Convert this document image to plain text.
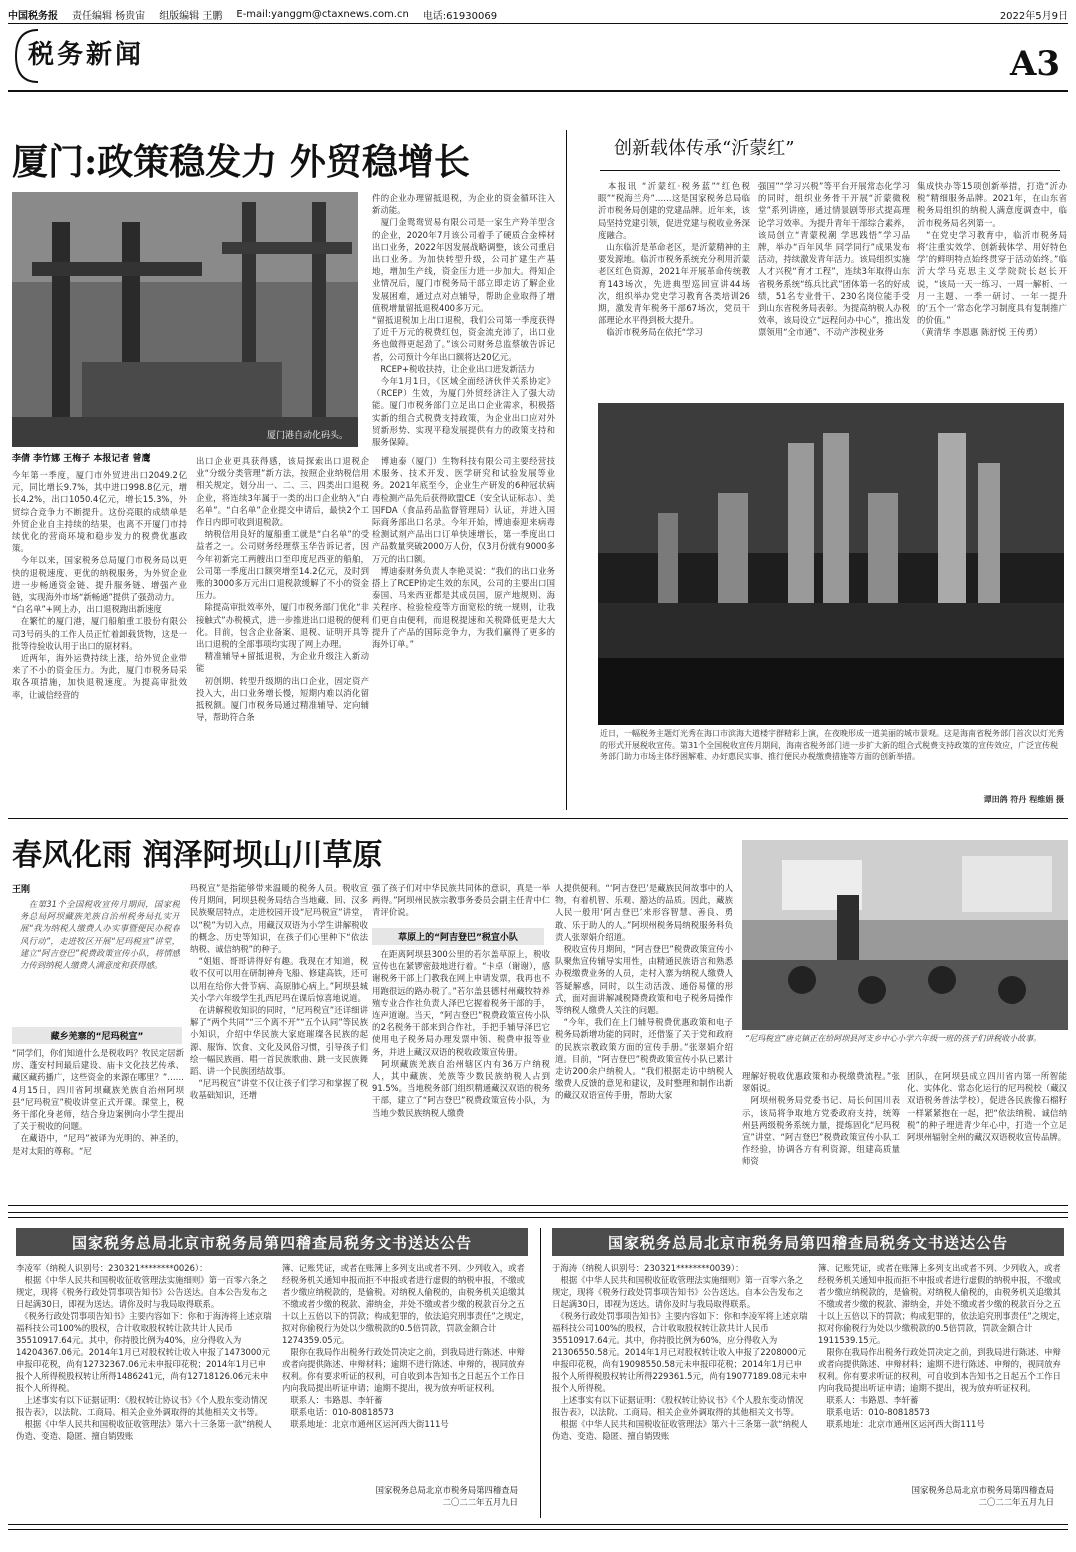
中国税务报 责任编辑 杨贵宙 组版编辑 王鹏 E-mail:yanggm@ctaxnews.com.cn 电话:61930069	2022年5月9日
税务新闻	A3
厦门:政策稳发力 外贸稳增长
厦门港自动化码头。
李倩 李竹娜 王梅子 本报记者 曾鹰
今年第一季度，厦门市外贸进出口2049.2亿元，同比增长9.7%，其中进口998.8亿元，增长4.2%，出口1050.4亿元，增长15.3%，外贸综合竞争力不断提升。这份亮眼的成绩单是外贸企业自主持续的结果，也离不开厦门市持续优化的营商环境和稳步发力的税费优惠政策。
　今年以来，国家税务总局厦门市税务局以更快的退税速度、更优的纳税服务，为外贸企业进一步畅通资金链、提升服务链、增强产业链，实现海外市场“新畅通”提供了强劲动力。
“白名单”+网上办，出口退税跑出新速度
　在繁忙的厦门港，厦门船舶重工股份有限公司3号码头的工作人员正忙着卸载货物，这是一批等待验收认用于出口的原材料。
　近两年，海外运费持续上涨，给外贸企业带来了不小的资金压力。为此，厦门市税务局采取各项措施，加快退税速度。为提高审批效率，让诚信经营的
出口企业更具获得感，该局探索出口退税企业“分级分类管理”新方法，按照企业纳税信用相关规定，划分出一、二、三、四类出口退税企业，将连续3年属于一类的出口企业纳入“白名单”。“白名单”企业提交申请后，最快2个工作日内即可收到退税款。
　纳税信用良好的厦船重工就是“白名单”的受益者之一。公司财务经理蔡玉华告诉记者，因今年初新完工两艘出口至印度尼西亚的船舶，公司第一季度出口额突增至14.2亿元，及时到账的3000多万元出口退税款缓解了不小的资金压力。
　除提高审批效率外，厦门市税务部门优化“非接触式”办税模式，进一步推进出口退税的便利化。目前，包含企业备案、退税、证明开具等出口退税的全部事项均实现了网上办理。
　精准辅导+留抵退税，为企业升级注入新动能
　初创期、转型升级期的出口企业，固定资产投入大，出口业务增长慢，短期内难以消化留抵税额。厦门市税务局通过精准辅导、定向辅导，帮助符合条
件的企业办理留抵退税，为企业的资金循环注入新动能。
　厦门金鸳鸯贸易有限公司是一家生产羚羊型含的企业，2020年7月该公司着手了硬质合金棒材出口业务，2022年因发展战略调整，该公司重启出口业务。为加快转型升级，公司扩建生产基地，增加生产线，资金压力进一步加大。得知企业情况后，厦门市税务局干部立即走访了解企业发展困难，通过点对点辅导，帮助企业取得了增值税增量留抵退税400多万元。
“留抵退税加上出口退税，我们公司第一季度获得了近千万元的税费红包，资金流充沛了，出口业务也做得更起劲了。”该公司财务总监蔡敏告诉记者，公司预计今年出口额将达20亿元。
　RCEP+税收扶持，让企业出口进发新活力
　今年1月1日，《区域全面经济伙伴关系协定》（RCEP）生效，为厦门外贸经济注入了强大动能。厦门市税务部门立足出口企业需求，积极搭实新的组合式税费支持政策，为企业出口应对外贸新形势、实现平稳发展提供有力的政策支持和服务保障。
　博迪泰（厦门）生物科技有限公司主要经营技术服务、技术开发、医学研究和试验发展等业务。2021年底至今，企业生产研发的6种冠状病毒检测产品先后获得欧盟CE（安全认证标志）、美国FDA（食品药品监督管理局）认证，并进入国际商务部出口名录。今年开始，博迪泰迎来病毒检测试剂产品出口订单快速增长，第一季度出口产品数量突破2000万人份，仅3月份就有9000多万元的出口额。
　博迪泰财务负责人李艳灵说：“我们的出口业务搭上了RCEP协定生效的东风，公司的主要出口国泰国、马来西亚都是其成员国，原产地规则、海关程序、检验检疫等方面宽松的统一规则，让我们更自由便利，而退税提速和关税降低更是大大提升了产品的国际竞争力，为我们赢得了更多的海外订单。”
创新载体传承“沂蒙红”
　本报讯 “沂蒙红·税务蓝”“红色税眼”“税海兰舟”……这是国家税务总局临沂市税务局创建的党建品牌。近年来，该局坚持党建引领，促进党建与税收业务深度融合。
　山东临沂是革命老区，是沂蒙精神的主要发源地。临沂市税务系统充分利用沂蒙老区红色资源，2021年开展革命传统教育143场次，先进典型巡回宣讲44场次，组织举办党史学习教育各类培训26期，激发青年税务干部67场次，党员干部理论水平得到极大提升。
　临沂市税务局在依托“学习
强国”“学习兴税”等平台开展常态化学习的同时，组织业务骨干开展“沂蒙微税堂”系列讲座，通过情景剧等形式提高理论学习效率。为提升青年干部综合素养，该局创立“青蒙税潮 学思践悟”学习品牌，举办“百年风华 同学同行”成果发布活动，持续激发青年活力。该局组织实施人才兴税“育才工程”，连续3年取得山东省税务系统“练兵比武”团体第一名的好成绩，51名专业骨干、230名岗位能手受到山东省税务局表彰。为提高纳税人办税效率，该局设立“远程问办中心”，推出发票领用“全市通”、不动产涉税业务
集成快办等15项创新举措，打造“沂办税”精细服务品牌。2021年，在山东省税务局组织的纳税人满意度调查中，临沂市税务局名列第一。
　“在党史学习教育中，临沂市税务局将‘注重实效学、创新载体学、用好特色学’的鲜明特点始终贯穿于活动始终。”临沂大学马克思主义学院院长赵长开说，“该局一天一练习、一周一解析、一月一主题、一季一研讨、一年一提升的‘五个一’常态化学习制度具有复制推广的价值。”
（黄清华 李恩惠 陈舒悦 王传勇）
近日，一幅税务主题灯光秀在海口市滨海大道楼宇群精彩上演，在夜晚形成一道美丽的城市景观。这是海南省税务部门首次以灯光秀的形式开展税收宣传。第31个全国税收宣传月期间，海南省税务部门进一步扩大新的组合式税费支持政策的宣传效应，广泛宣传税务部门助力市场主体纾困解难、办好惠民实事、推行便民办税缴费措施等方面的创新举措。
谭田鸽 符丹 程维娟 摄
春风化雨 润泽阿坝山川草原
王刚
　在第31个全国税收宣传月期间，国家税务总局阿坝藏族羌族自治州税务局扎实开展“我为纳税人缴费人办实事暨便民办税春风行动”，走进牧区开展“尼玛税宣”讲堂，建立“阿吉登巴”税费政策宣传小队，将情感力传到纳税人缴费人满意度和获得感。
藏乡羌寨的“尼玛税宣”
“同学们，你们知道什么是税收吗？牧民定居新房、蓬安村间最后建设、庙卡文化技艺传承、藏区藏药播广，这些资金的来源在哪里？”……4月15日，四川省阿坝藏族羌族自治州阿坝县“尼玛税宣”税收讲堂正式开课。课堂上，税务干部化身老师，结合身边案例向小学生提出了关于税收的问题。
　在藏语中，“尼玛”被译为光明的、神圣的，是对太阳的尊称。“尼
玛税宣”是指能够带来温暖的税务人员。税收宣传月期间，阿坝县税务局结合当地藏、回、汉多民族聚居特点，走进校园开设“尼玛税宣”讲堂，以“税”为切入点，用藏汉双语为小学生讲解税收的概念、历史等知识，在孩子们心里种下“依法纳税、诚信纳税”的种子。
　“姐姐、哥哥讲得好有趣。我现在才知道，税收不仅可以用在研制神舟飞船、修建高铁，还可以用在给你大骨节病、高原肺心病上。”阿坝县城关小学六年级学生扎西尼玛在课后惊喜地说道。
　在讲解税收知识的同时，“尼玛税宣”还详细讲解了“两个共同”“三个离不开”“五个认同”等民族小知识，介绍中华民族大家庭璀璨各民族的起源、服饰、饮食、文化及风俗习惯，引导孩子们绘一幅民族画、唱一首民族歌曲、跳一支民族舞蹈、讲一个民族团结故事。
　“尼玛税宣”讲堂不仅让孩子们学习和掌握了税收基础知识，还增
强了孩子们对中华民族共同体的意识，真是一举两得。”阿坝州民族宗教事务委员会副主任青中仁青评价说。
草原上的“阿吉登巴”税宣小队
　在距离阿坝县300公里的若尔盖草原上，税收宣传也在紧锣密鼓地进行着。“卡卓（谢谢），感谢税务干部上门教我在网上申请发票，我再也不用跑很远的路办税了。”若尔盖县德村州藏牧特养殖专业合作社负责人泽巴它握着税务干部的手，连声道谢。当天，“阿吉登巴”税费政策宣传小队的2名税务干部来到合作社，手把手辅导泽巴它使用电子税务局办理发票申领、税费申报等业务，并进上藏汉双语的税收政策宣传册。
　阿坝藏族羌族自治州辖区内有36万户纳税人，其中藏族、羌族等少数民族纳税人占到91.5%。当地税务部门组织精通藏汉双语的税务干部，建立了“阿吉登巴”税费政策宣传小队，为当地少数民族纳税人缴费
人提供便利。“‘阿吉登巴’是藏族民间故事中的人物，有着机智、乐观、豁达的品质。因此，藏族人民一般用‘阿吉登巴’来形容智慧、善良、勇敢、乐于助人的人。”阿坝州税务局纳税服务科负责人张翠娟介绍道。
　税收宣传月期间，“阿吉登巴”税费政策宣传小队聚焦宣传辅导实用性，由精通民族语言和熟悉办税缴费业务的人员，走村入寨为纳税人缴费人答疑解惑，同时，以生动活泼、通俗易懂的形式，面对面讲解减税降费政策和电子税务局操作等纳税人缴费人关注的问题。
　“今年，我们在上门辅导税费优惠政策和电子税务局新增功能的同时，还借鉴了关于党和政府的民族宗教政策方面的宣传手册。”张翠娟介绍道。目前，“阿吉登巴”税费政策宣传小队已累计走访200余户纳税人。“我们根据走访中纳税人缴费人反馈的意见和建议，及时整理和制作出新的藏汉双语宣传手册，帮助大家
“尼玛税宣”唐克镇正在给阿坝县河支乡中心小学六年级一班的孩子们讲税收小故事。
理解好税收优惠政策和办税缴费流程。”张翠娟说。
　阿坝州税务局党委书记、局长何国川表示，该局将争取地方党委政府支持，统筹州县两级税务系统力量，提炼固化“尼玛税宣”讲堂、“阿吉登巴”税费政策宣传小队工作经验，协调各方有利资源，组建高质量师资
团队，在阿坝县成立四川省内第一所智能化、实体化、常态化运行的尼玛税校（藏汉双语税务普法学校），促进各民族像石榴籽一样紧紧抱在一起，把“依法纳税、诚信纳税”的种子埋进青少年心中，打造一个立足阿坝州辐射全州的藏汉双语税收宣传品牌。
国家税务总局北京市税务局第四稽查局税务文书送达公告
李凌军（纳税人识别号：230321********0026）：
　根据《中华人民共和国税收征收管理法实施细则》第一百零六条之规定，现将《税务行政处罚事项告知书》公告送达。自本公告发布之日起满30日，即视为送达。请你及时与我局取得联系。
　《税务行政处罚事项告知书》主要内容如下：你和于海涛将上述京瑞福科技公司100%的股权，合计收取股权转让款共计人民币35510917.64元。其中，你持股比例为40%，应分得收入为14204367.06元。2014年1月已对股权转让收入申报了1473000元申报印花税，尚有12732367.06元未申报印花税；2014年1月已申报个人所得税股权转让所得1486241元，尚有12718126.06元未申报个人所得税。
　上述事实有以下证据证明：《股权转让协议书》《个人股东变动情况报告表》，以法院、工商局、相关企业外调取得的其他相关文书等。
　根据《中华人民共和国税收征收管理法》第六十三条第一款“纳税人伪造、变造、隐匿、擅自销毁账
簿、记账凭证，或者在账簿上多列支出或者不列、少列收入，或者经税务机关通知申报而拒不申报或者进行虚假的纳税申报，不缴或者少缴应纳税款的，是偷税。对纳税人偷税的，由税务机关追缴其不缴或者少缴的税款、滞纳金，并处不缴或者少缴的税款百分之五十以上五倍以下的罚款；构成犯罪的，依法追究刑事责任”之规定，拟对你偷税行为处以少缴税款的0.5倍罚款，罚款金额合计1274359.05元。
　限你在我局作出税务行政处罚决定之前，到我局进行陈述、申辩或者向提供陈述、申辩材料；逾期不进行陈述、申辩的，视同放弃权利。你有要求听证的权利，可自收到本告知书之日起五个工作日内向我局提出听证申请；逾期不提出，视为放弃听证权利。
　联系人：韦路恩、李轩蓄
　联系电话：010-80818573
　联系地址：北京市通州区运河西大街111号
国家税务总局北京市税务局第四稽查局
二〇二二年五月九日
国家税务总局北京市税务局第四稽查局税务文书送达公告
于海涛（纳税人识别号：230321********0039）：
　根据《中华人民共和国税收征收管理法实施细则》第一百零六条之规定，现将《税务行政处罚事项告知书》公告送达。自本公告发布之日起满30日，即视为送达。请你及时与我局取得联系。
　《税务行政处罚事项告知书》主要内容如下：你和李凌军将上述京瑞福科技公司100%的股权，合计收取股权转让款共计人民币35510917.64元。其中，你持股比例为60%，应分得收入为21306550.58元。2014年1月已对股权转让收入申报了2208000元申报印花税，尚有19098550.58元未申报印花税；2014年1月已申报个人所得税股权转让所得229361.5元，尚有19077189.08元未申报个人所得税。
　上述事实有以下证据证明：《股权转让协议书》《个人股东变动情况报告表》，以法院、工商局、相关企业外调取得的其他相关文书等。
　根据《中华人民共和国税收征收管理法》第六十三条第一款“纳税人伪造、变造、隐匿、擅自销毁账
簿、记账凭证，或者在账簿上多列支出或者不列、少列收入，或者经税务机关通知申报而拒不申报或者进行虚假的纳税申报，不缴或者少缴应纳税款的，是偷税。对纳税人偷税的，由税务机关追缴其不缴或者少缴的税款、滞纳金，并处不缴或者少缴的税款百分之五十以上五倍以下的罚款；构成犯罪的，依法追究刑事责任”之规定，拟对你偷税行为处以少缴税款的0.5倍罚款，罚款金额合计1911539.15元。
　限你在我局作出税务行政处罚决定之前，到我局进行陈述、申辩或者向提供陈述、申辩材料；逾期不进行陈述、申辩的，视同放弃权利。你有要求听证的权利，可自收到本告知书之日起五个工作日内向我局提出听证申请；逾期不提出，视为放弃听证权利。
　联系人：韦路恩、李轩蓄
　联系电话：010-80818573
　联系地址：北京市通州区运河西大街111号
国家税务总局北京市税务局第四稽查局
二〇二二年五月九日
